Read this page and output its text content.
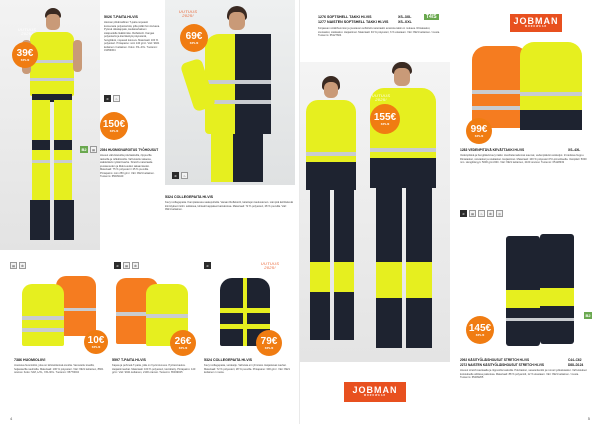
UUTUUS 2025!
39€
KPL/€
150€
KPL/€
5026 T-PAITA HI-VIS
Hieman pitkämallinen T-paita nopeasti kuivuvasta polyesteristä, jolla pidät ihon kuivana. Pyöreä olkakappale, kaularauhaksen sisäpuolelle lisäkiinnike. Reflektorit. Kangas polyesteriä ja kierrätettyä polyesteriä, hengittävä, nopeasti kuivuva. Materiaali: 100 % polyesteri. Pintapaino: noin 140 g/m². Väri: 9921 keltainen / keltainen. Koko: XS–4XL. Tuotenro: 31053004
≋	♨
B2	▤	2394 HUOMIOVAROITUS TYÖHOUSUT
Housut vahvistetuilla polvitaskuilla, riippuvilla taskuilla ja reflektoreilla. Vahvistettu takaosa, säädettävä vyötärönauha. Stretch-materiaalia joustavuuden ja liikkuvuuden takaamiseksi. Materiaali: 75 % polyesteri / 25 % puuvilla. Pintapaino: noin 250 g/m². Väri: 9921 keltainen. Tuotenro: 65039440
UUTUUS 2025!
69€
KPL/€
≋	♨
5324 COLLEGEPAITA HI-VIS
Kevyt collegepaita. Kampiaisessa vaatepuhella. Varaan Reflektorit, laitettujen kaulustenen. Lämpöä kehittelevät kiinnitykset ristiin: selkäosa, kiinteät kappaleet kainaloissa. Materiaali: 72 % polyesteri, 28 % puuvilla. Väri: 9921 keltainen.
▤	♻
10€
KPL/€
7386 HUOMIOLIIVI
Joustava huomioliivi, joka on kiristettävissä sivuilta. Varustettu leveillä, heijastavilla nauhoilla. Materiaali: 100 % polyesteri. Väri: 9921 keltainen, 8821 oranssi. Koko: S/M, L/XL, XXL/3XL. Tuotenro: 65770004
≋	▤	♻
26€
KPL/€
5597 T-PAITA HI-VIS
Kapea ja pehmeä T-paita, jolla on hyvä istuvuus. Pyöreä kaulus. Heijastinnauhat. Materiaali: 100 % polyesteri, kierrätetty. Pintapaino: 140 g/m². Väri: 9921 keltainen, 2100 oranssi. Tuotenro: 65049025
≋	UUTUUS 2025!
79€
KPL/€
5324 COLLEGEPAITA HI-VIS
Kevyt collegepaita, vetoketju. Vahvista eri ryhmissä. Heijastavat nauhat. Materiaali: 72 % polyesteri, 28 % puuvilla. Pintapaino: 300 g/m². Väri: 9921 keltainen / musta.
4
1276 SOFTSHELL TAKKI HI-VIS	XS–3XL
1277 NAISTEN SOFTSHELL TAKKI HI-VIS	XS–XXL
T4/S
Korjaavan sinkkihuomion ja joustavan softshell-materiaalin ansiosta takki on mukava. Rintataskut, sivutaskut, sisätaskut. Heijastimet. Materiaali: 94 % polyesteri, 6 % elastaani. Väri: 9921 keltainen / musta. Tuotenro: 65127604
UUTUUS 2025!
155€
KPL/€
JOBMAN
WORKWEAR
JOBMAN
WORKWEAR
99€
KPL/€
1283 VEDENPITÄVÄ KEVÄTTAKKI HI-VIS	XS–4XL
Vedenpitävä ja hengittävä kevyt takki. Huuhtelemattomat saumat, vedenpitävät vetoketjut. Irrotettava huppu. Rintataskut, sivutaskut ja sisätaskut. Heijastimet. Materiaali: 100 % polyesteri PU-pinnoitteella. Vesipilari: 5000 mm. Hengittävyys: 5000 g/m²/24h. Väri: 9921 keltainen, 2100 oranssi. Tuotenro: 65128333
≋	▤	♨	♻	◎
B2
145€
KPL/€
2092 KÄSITYÖLÄISHOUSUT STRETCH HI-VIS	C44–C62
2272 NAISTEN KÄSITYÖLÄISHOUSUT STRETCH HI-VIS	D88–D124
Housut stretch-kankaalla ja riippuvilla taskuilla. Polvitaskut, vasaranlenkki ja monet työkalutaskut. Vahvistukset kulutukselle alttiissa paikoissa. Materiaali: 88 % polyamidi, 12 % elastaani. Väri: 9921 keltainen / musta. Tuotenro: 65209265
5
